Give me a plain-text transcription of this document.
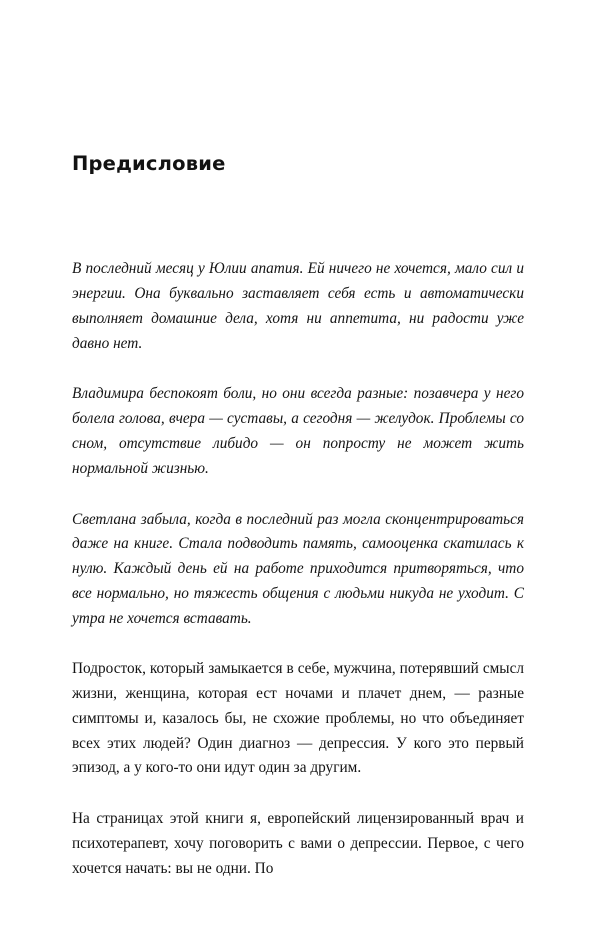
Предисловие

В последний месяц у Юлии апатия. Ей ничего не хочется, мало сил и энергии. Она буквально заставляет себя есть и автоматически выполняет домашние дела, хотя ни аппетита, ни радости уже давно нет.

Владимира беспокоят боли, но они всегда разные: позавчера у него болела голова, вчера — суставы, а сегодня — желудок. Проблемы со сном, отсутствие либидо — он попросту не может жить нормальной жизнью.

Светлана забыла, когда в последний раз могла сконцентрироваться даже на книге. Стала подводить память, самооценка скатилась к нулю. Каждый день ей на работе приходится притворяться, что все нормально, но тяжесть общения с людьми никуда не уходит. С утра не хочется вставать.

Подросток, который замыкается в себе, мужчина, потерявший смысл жизни, женщина, которая ест ночами и плачет днем, — разные симптомы и, казалось бы, не схожие проблемы, но что объединяет всех этих людей? Один диагноз — депрессия. У кого это первый эпизод, а у кого-то они идут один за другим.

На страницах этой книги я, европейский лицензированный врач и психотерапевт, хочу поговорить с вами о депрессии. Первое, с чего хочется начать: вы не одни. По
